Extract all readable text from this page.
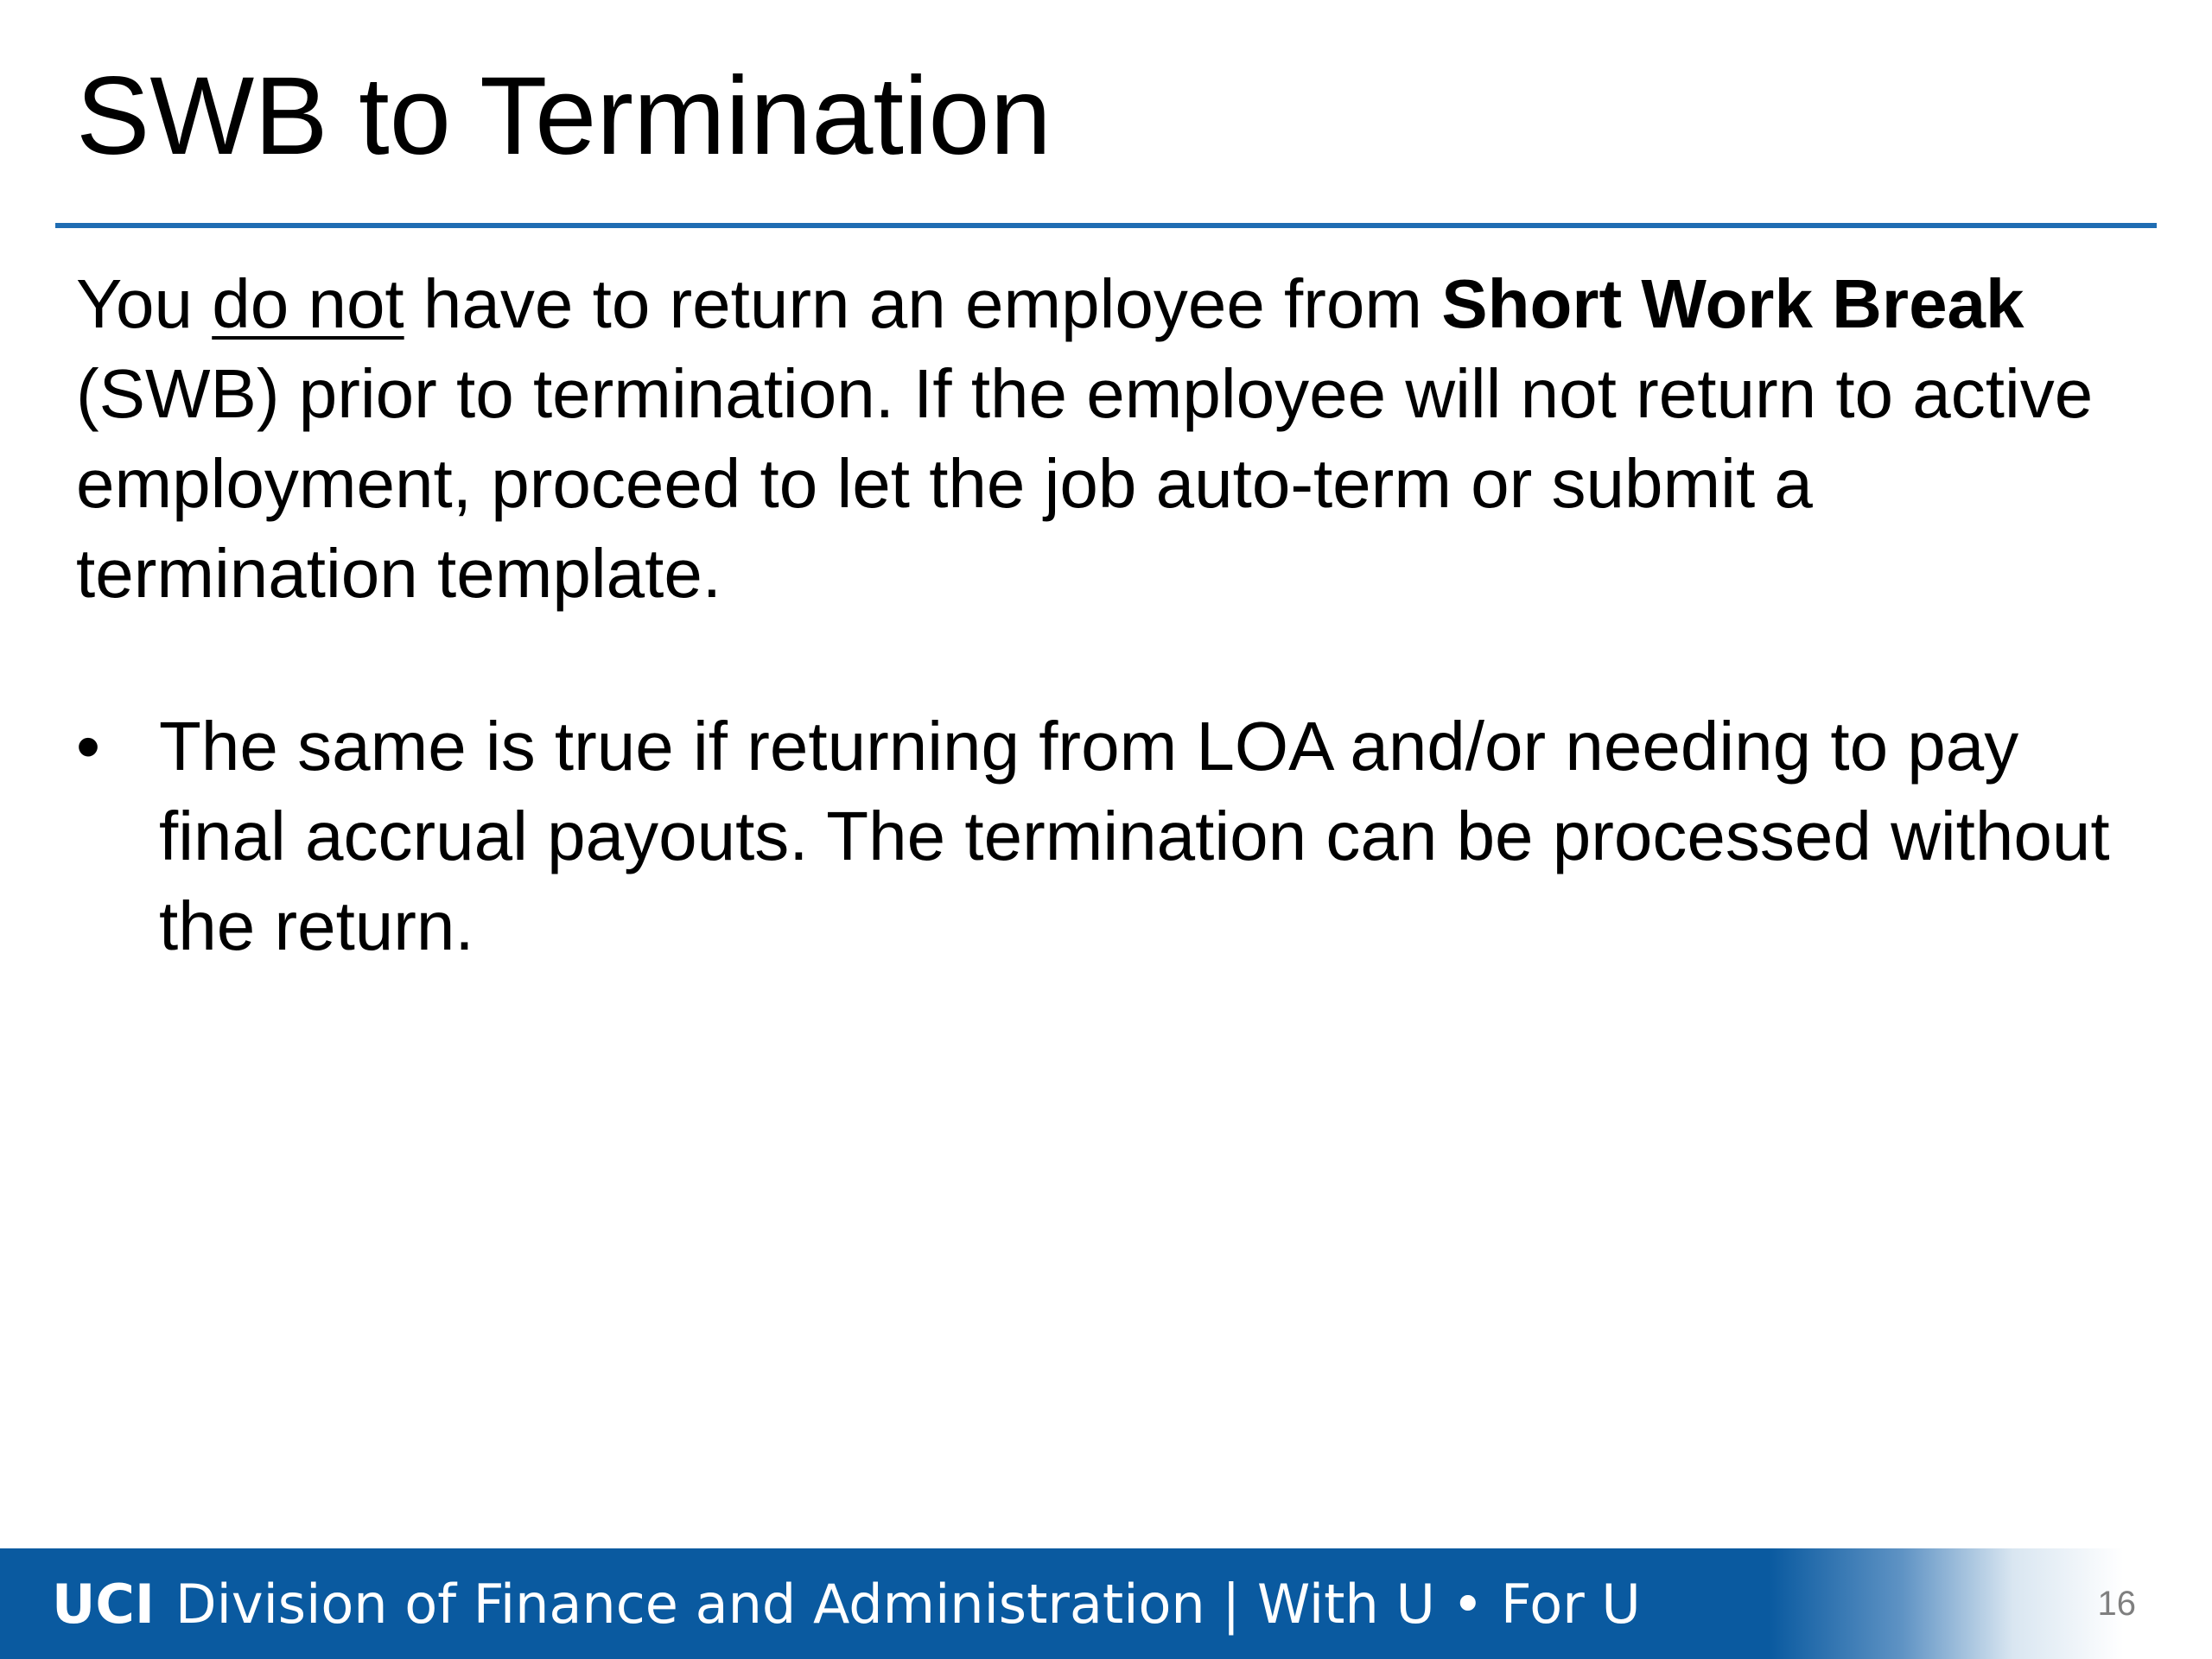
SWB to Termination

You do not have to return an employee from Short Work Break (SWB) prior to termination. If the employee will not return to active employment, proceed to let the job auto-term or submit a termination template.

• The same is true if returning from LOA and/or needing to pay final accrual payouts. The termination can be processed without the return.
UCI Division of Finance and Administration | With U • For U	16
